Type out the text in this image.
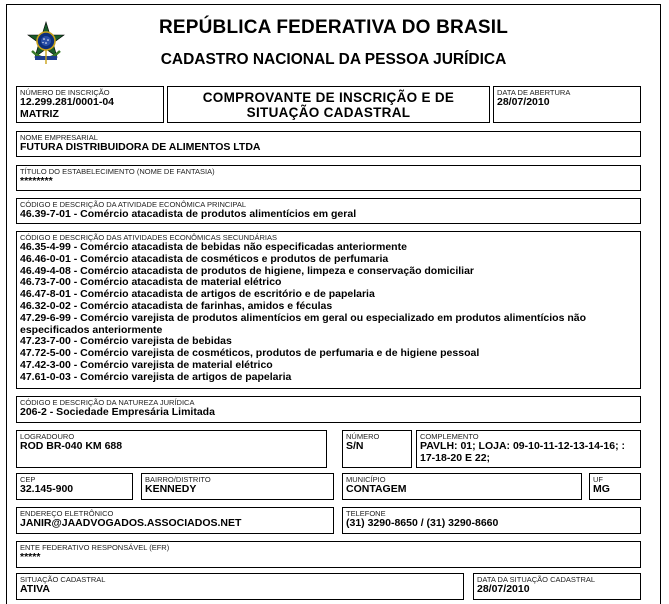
REPÚBLICA FEDERATIVA DO BRASIL
CADASTRO NACIONAL DA PESSOA JURÍDICA
NÚMERO DE INSCRIÇÃO
12.299.281/0001-04
MATRIZ
COMPROVANTE DE INSCRIÇÃO E DE
SITUAÇÃO CADASTRAL
DATA DE ABERTURA
28/07/2010
NOME EMPRESARIAL
FUTURA DISTRIBUIDORA DE ALIMENTOS LTDA
TÍTULO DO ESTABELECIMENTO (NOME DE FANTASIA)
********
CÓDIGO E DESCRIÇÃO DA ATIVIDADE ECONÔMICA PRINCIPAL
46.39-7-01 - Comércio atacadista de produtos alimentícios em geral
CÓDIGO E DESCRIÇÃO DAS ATIVIDADES ECONÔMICAS SECUNDÁRIAS
46.35-4-99 - Comércio atacadista de bebidas não especificadas anteriormente
46.46-0-01 - Comércio atacadista de cosméticos e produtos de perfumaria
46.49-4-08 - Comércio atacadista de produtos de higiene, limpeza e conservação domiciliar
46.73-7-00 - Comércio atacadista de material elétrico
46.47-8-01 - Comércio atacadista de artigos de escritório e de papelaria
46.32-0-02 - Comércio atacadista de farinhas, amidos e féculas
47.29-6-99 - Comércio varejista de produtos alimentícios em geral ou especializado em produtos alimentícios não
especificados anteriormente
47.23-7-00 - Comércio varejista de bebidas
47.72-5-00 - Comércio varejista de cosméticos, produtos de perfumaria e de higiene pessoal
47.42-3-00 - Comércio varejista de material elétrico
47.61-0-03 - Comércio varejista de artigos de papelaria
CÓDIGO E DESCRIÇÃO DA NATUREZA JURÍDICA
206-2 - Sociedade Empresária Limitada
LOGRADOURO
ROD BR-040 KM 688
NÚMERO
S/N
COMPLEMENTO
PAVLH: 01; LOJA: 09-10-11-12-13-14-16; :
17-18-20 E 22;
CEP
32.145-900
BAIRRO/DISTRITO
KENNEDY
MUNICÍPIO
CONTAGEM
UF
MG
ENDEREÇO ELETRÔNICO
JANIR@JAADVOGADOS.ASSOCIADOS.NET
TELEFONE
(31) 3290-8650 / (31) 3290-8660
ENTE FEDERATIVO RESPONSÁVEL (EFR)
*****
SITUAÇÃO CADASTRAL
ATIVA
DATA DA SITUAÇÃO CADASTRAL
28/07/2010
